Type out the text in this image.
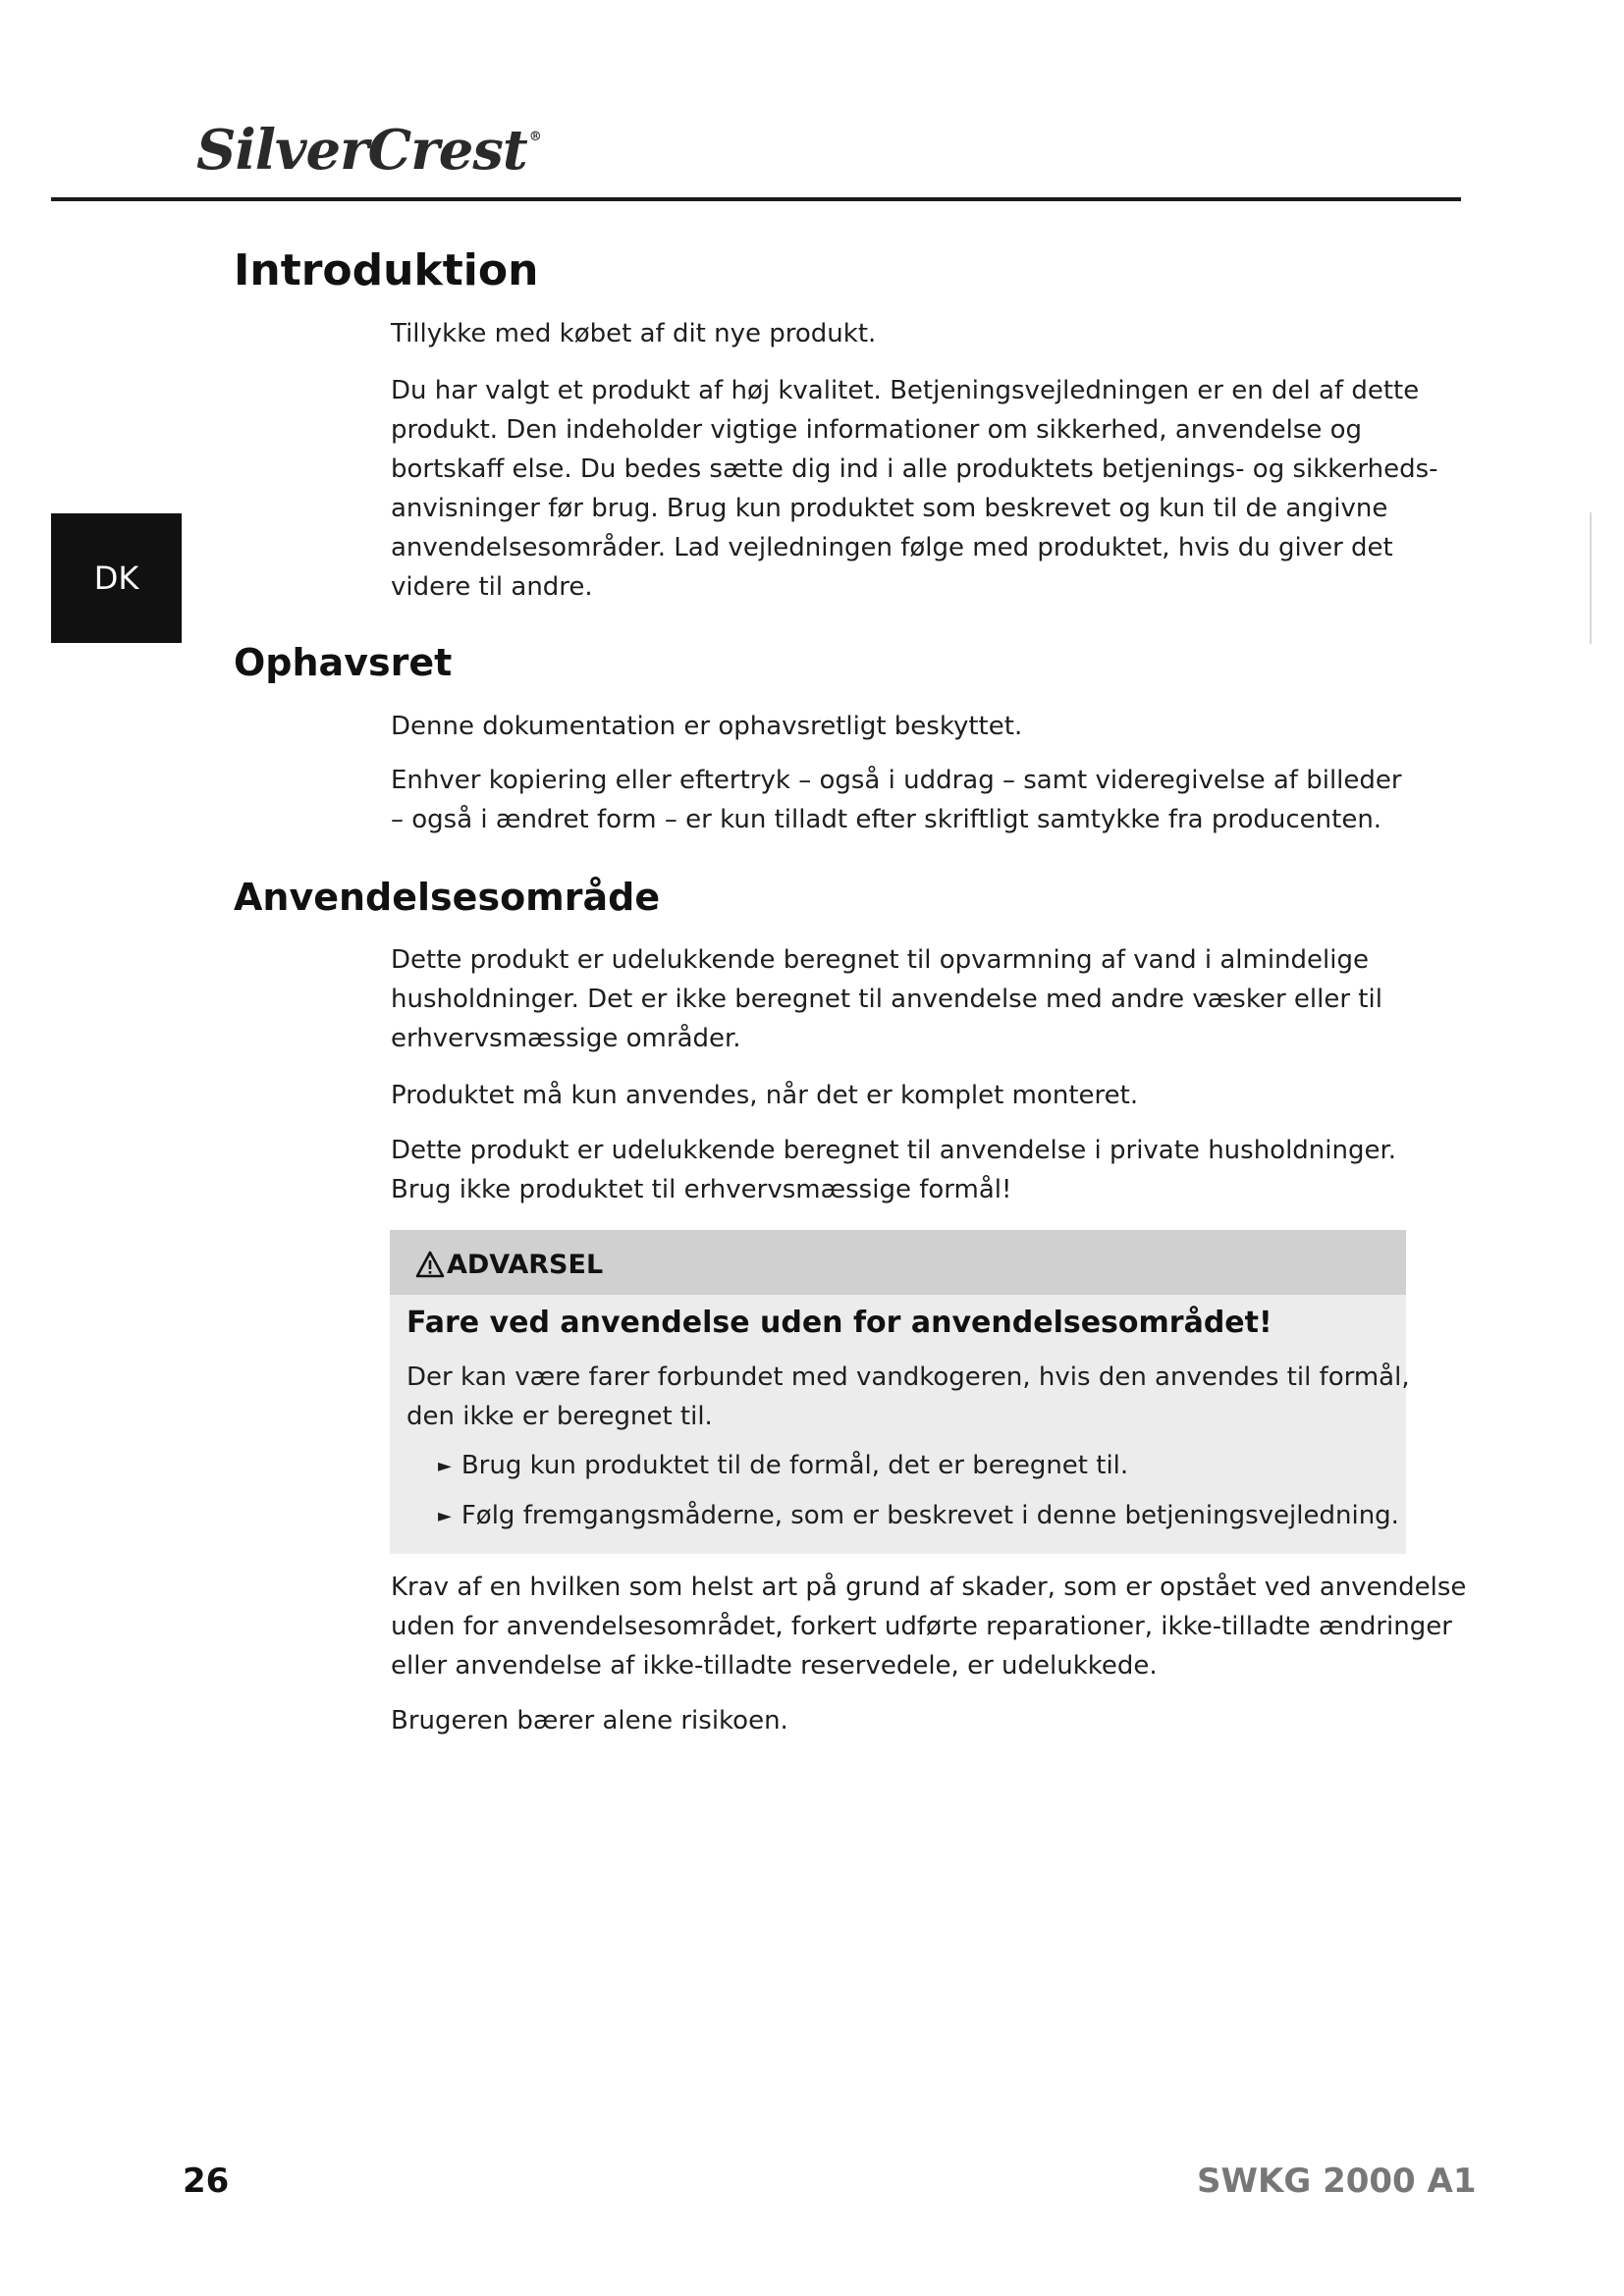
SilverCrest ®
DK
Introduktion

Tillykke med købet af dit nye produkt.

Du har valgt et produkt af høj kvalitet. Betjeningsvejledningen er en del af dette
produkt. Den indeholder vigtige informationer om sikkerhed, anvendelse og
bortskaff else. Du bedes sætte dig ind i alle produktets betjenings- og sikkerheds-
anvisninger før brug. Brug kun produktet som beskrevet og kun til de angivne
anvendelsesområder. Lad vejledningen følge med produktet, hvis du giver det
videre til andre.
Ophavsret

Denne dokumentation er ophavsretligt beskyttet.

Enhver kopiering eller eftertryk – også i uddrag – samt videregivelse af billeder
– også i ændret form – er kun tilladt efter skriftligt samtykke fra producenten.
Anvendelsesområde
Dette produkt er udelukkende beregnet til opvarmning af vand i almindelige
husholdninger. Det er ikke beregnet til anvendelse med andre væsker eller til
erhvervsmæssige områder.

Produktet må kun anvendes, når det er komplet monteret.

Dette produkt er udelukkende beregnet til anvendelse i private husholdninger.
Brug ikke produktet til erhvervsmæssige formål!
ADVARSEL
Fare ved anvendelse uden for anvendelsesområdet!
Der kan være farer forbundet med vandkogeren, hvis den anvendes til formål,
den ikke er beregnet til.
► Brug kun produktet til de formål, det er beregnet til.
► Følg fremgangsmåderne, som er beskrevet i denne betjeningsvejledning.
Krav af en hvilken som helst art på grund af skader, som er opstået ved anvendelse
uden for anvendelsesområdet, forkert udførte reparationer, ikke-tilladte ændringer
eller anvendelse af ikke-tilladte reservedele, er udelukkede.

Brugeren bærer alene risikoen.

26	SWKG 2000 A1
